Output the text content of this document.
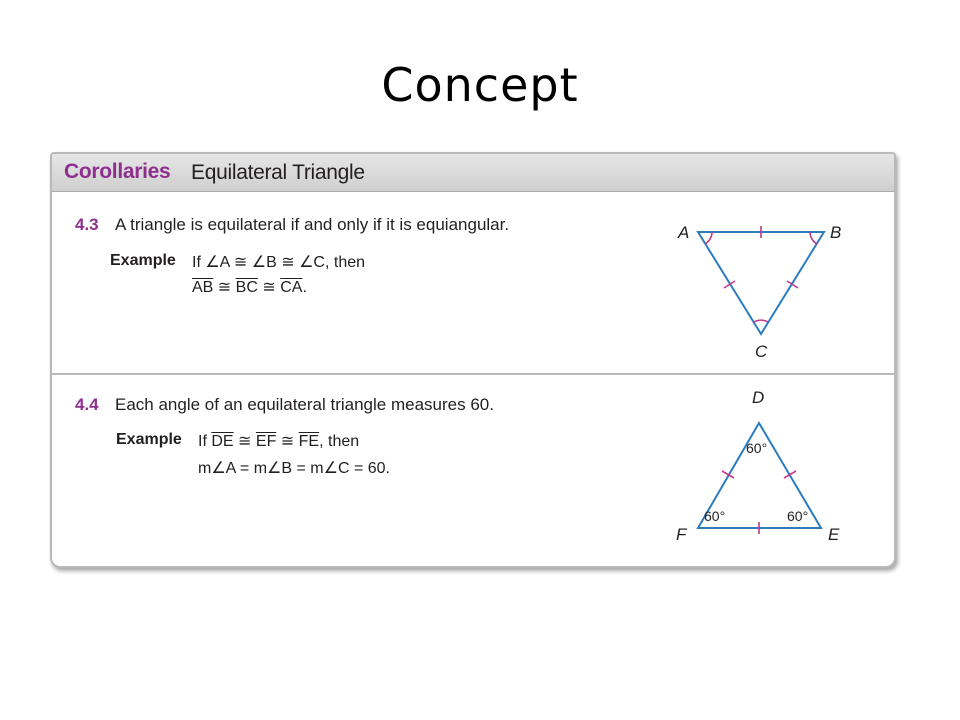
Concept
Corollaries Equilateral Triangle
4.3 A triangle is equilateral if and only if it is equiangular.
Example If ∠A ≅ ∠B ≅ ∠C, then
$\overline{AB}$ ≅ $\overline{BC}$ ≅ $\overline{CA}$.
A	B
C
4.4 Each angle of an equilateral triangle measures 60.
Example If $\overline{DE}$ ≅ $\overline{EF}$ ≅ $\overline{FE}$, then
m∠A = m∠B = m∠C = 60.
D
F	E
60°
60°	60°
